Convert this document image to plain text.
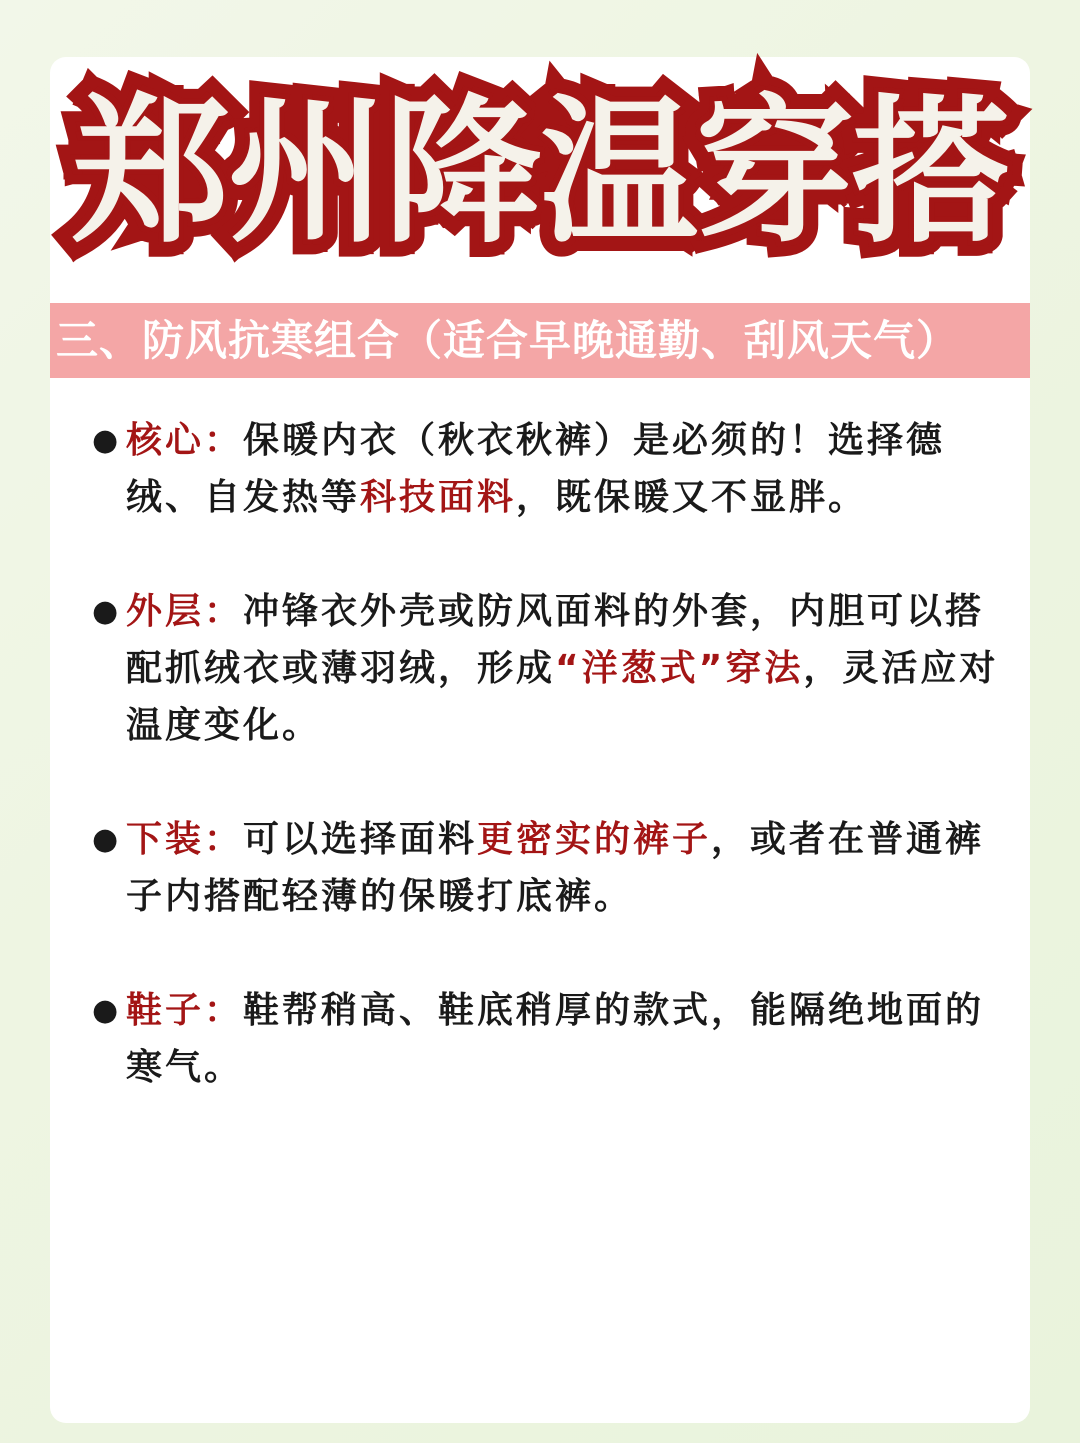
郑州降温穿搭
三、防风抗寒组合（适合早晚通勤、刮风天气）
● 核心：保暖内衣（秋衣秋裤）是必须的！选择德绒、自发热等科技面料，既保暖又不显胖。
● 外层：冲锋衣外壳或防风面料的外套，内胆可以搭配抓绒衣或薄羽绒，形成“洋葱式”穿法，灵活应对温度变化。
● 下装：可以选择面料更密实的裤子，或者在普通裤子内搭配轻薄的保暖打底裤。
● 鞋子：鞋帮稍高、鞋底稍厚的款式，能隔绝地面的寒气。
